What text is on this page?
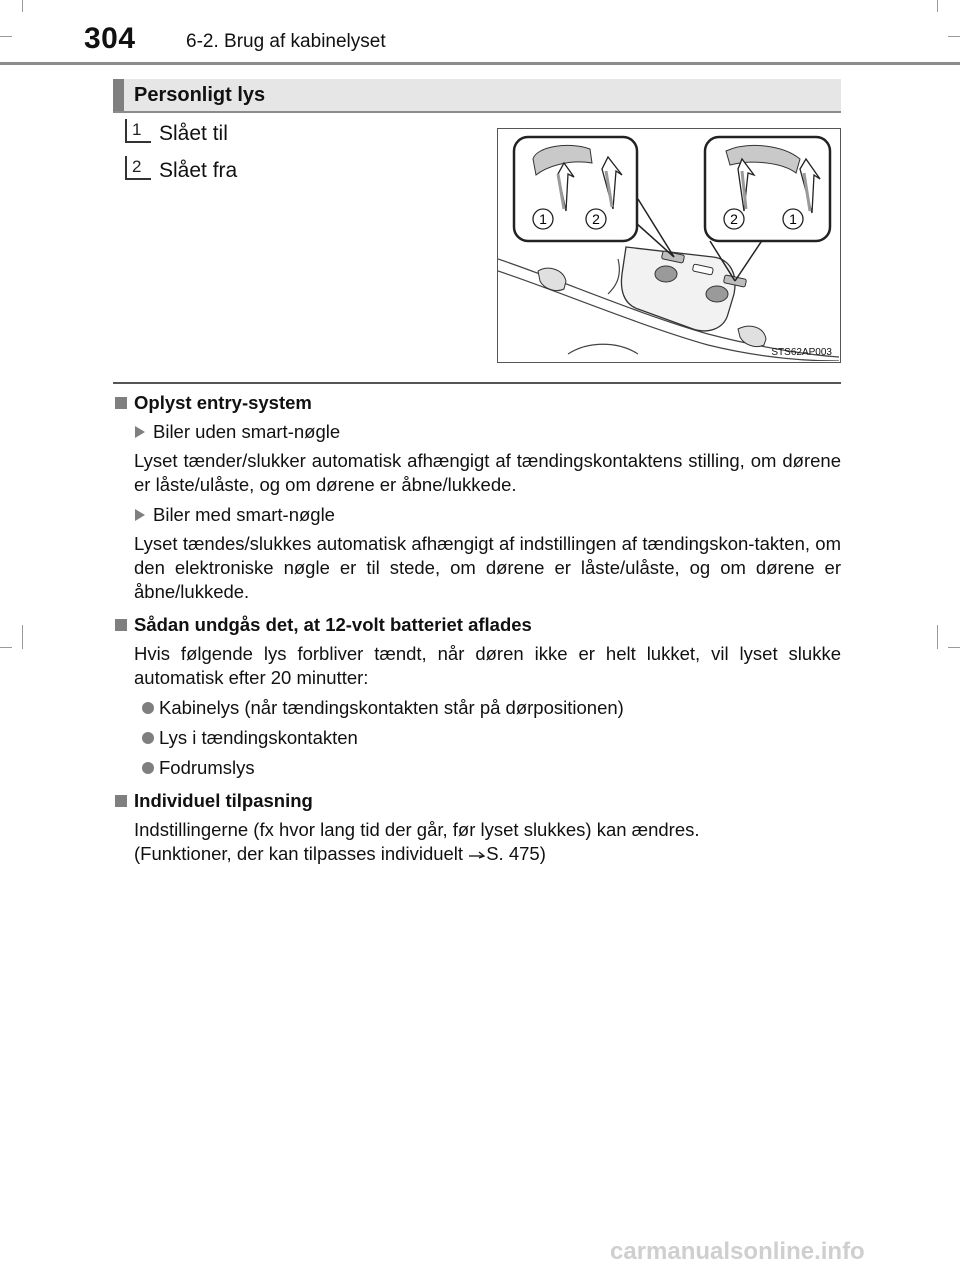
304	6-2. Brug af kabinelyset
Personligt lys
1 Slået til
2 Slået fra
1	2	2	1
STS62AP003
Oplyst entry-system
Biler uden smart-nøgle
Lyset tænder/slukker automatisk afhængigt af tændingskontaktens stilling, om dørene er låste/ulåste, og om dørene er åbne/lukkede.
Biler med smart-nøgle
Lyset tændes/slukkes automatisk afhængigt af indstillingen af tændingskon-takten, om den elektroniske nøgle er til stede, om dørene er låste/ulåste, og om dørene er åbne/lukkede.
Sådan undgås det, at 12-volt batteriet aflades
Hvis følgende lys forbliver tændt, når døren ikke er helt lukket, vil lyset slukke automatisk efter 20 minutter:
Kabinelys (når tændingskontakten står på dørpositionen)
Lys i tændingskontakten
Fodrumslys
Individuel tilpasning
Indstillingerne (fx hvor lang tid der går, før lyset slukkes) kan ændres.
(Funktioner, der kan tilpasses individuelt S. 475)
carmanualsonline.info
